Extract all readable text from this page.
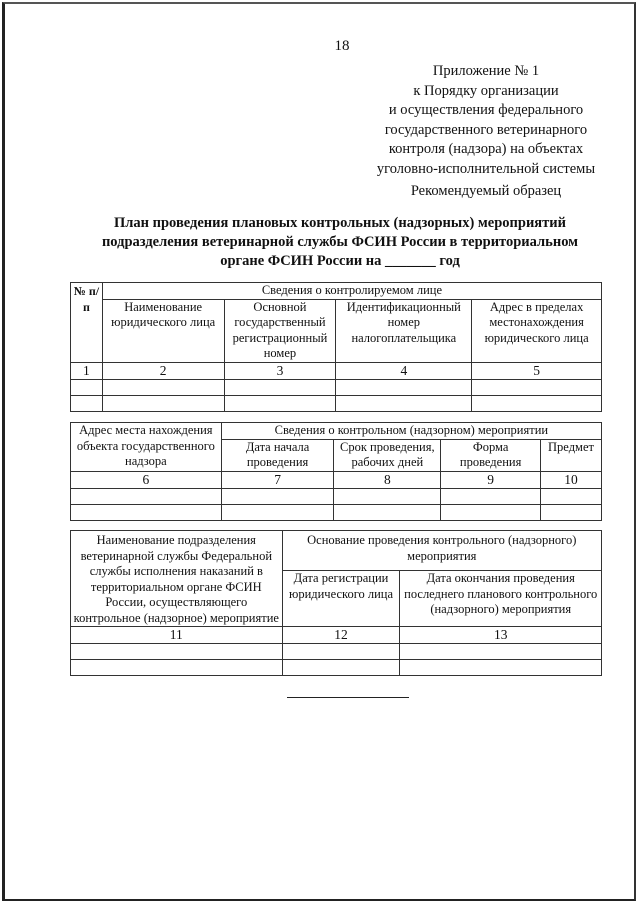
18
Приложение № 1
к Порядку организации
и осуществления федерального
государственного ветеринарного
контроля (надзора) на объектах
уголовно-исполнительной системы
Рекомендуемый образец
План проведения плановых контрольных (надзорных) мероприятий
подразделения ветеринарной службы ФСИН России в территориальном
органе ФСИН России на _______ год
№ п/п	Сведения о контролируемом лице			
	Наименование юридического лица	Основной государственный регистрационный номер	Идентификационный номер налогоплательщика	Адрес в пределах местонахождения юридического лица
1	2	3	4	5

Адрес места нахождения объекта государственного надзора	Сведения о контрольном (надзорном) мероприятии			
	Дата начала проведения	Срок проведения, рабочих дней	Форма проведения	Предмет
6	7	8	9	10

Наименование подразделения ветеринарной службы Федеральной службы исполнения наказаний в территориальном органе ФСИН России, осуществляющего контрольное (надзорное) мероприятие	Основание проведения контрольного (надзорного) мероприятия	
	Дата регистрации юридического лица	Дата окончания проведения последнего планового контрольного (надзорного) мероприятия
11	12	13
